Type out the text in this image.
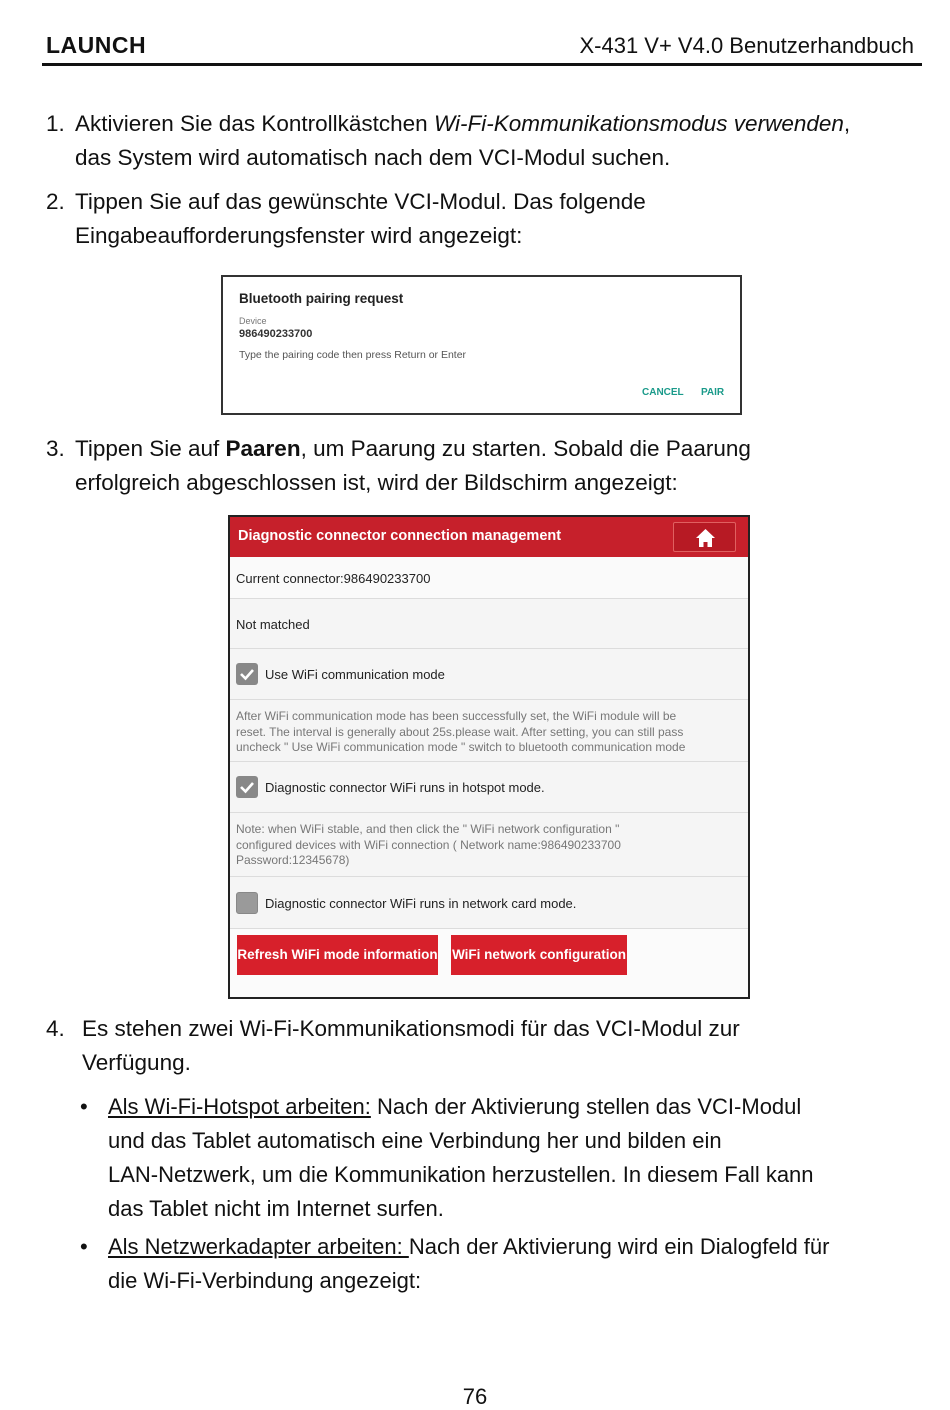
LAUNCH	X-431 V+ V4.0 Benutzerhandbuch
1. Aktivieren Sie das Kontrollkästchen Wi-Fi-Kommunikationsmodus verwenden,
das System wird automatisch nach dem VCI-Modul suchen.
2. Tippen Sie auf das gewünschte VCI-Modul. Das folgende
Eingabeaufforderungsfenster wird angezeigt:
Bluetooth pairing request
Device
986490233700
Type the pairing code then press Return or Enter
CANCEL PAIR
3. Tippen Sie auf Paaren, um Paarung zu starten. Sobald die Paarung
erfolgreich abgeschlossen ist, wird der Bildschirm angezeigt:
Diagnostic connector connection management
Current connector:986490233700
Not matched
Use WiFi communication mode
After WiFi communication mode has been successfully set, the WiFi module will be
reset. The interval is generally about 25s.please wait. After setting, you can still pass
uncheck " Use WiFi communication mode " switch to bluetooth communication mode
Diagnostic connector WiFi runs in hotspot mode.
Note: when WiFi stable, and then click the " WiFi network configuration "
configured devices with WiFi connection ( Network name:986490233700
Password:12345678)
Diagnostic connector WiFi runs in network card mode.
Refresh WiFi mode information WiFi network configuration
4. Es stehen zwei Wi-Fi-Kommunikationsmodi für das VCI-Modul zur
Verfügung.
• Als Wi-Fi-Hotspot arbeiten: Nach der Aktivierung stellen das VCI-Modul
und das Tablet automatisch eine Verbindung her und bilden ein
LAN-Netzwerk, um die Kommunikation herzustellen. In diesem Fall kann
das Tablet nicht im Internet surfen.
• Als Netzwerkadapter arbeiten: Nach der Aktivierung wird ein Dialogfeld für
die Wi-Fi-Verbindung angezeigt:
76
